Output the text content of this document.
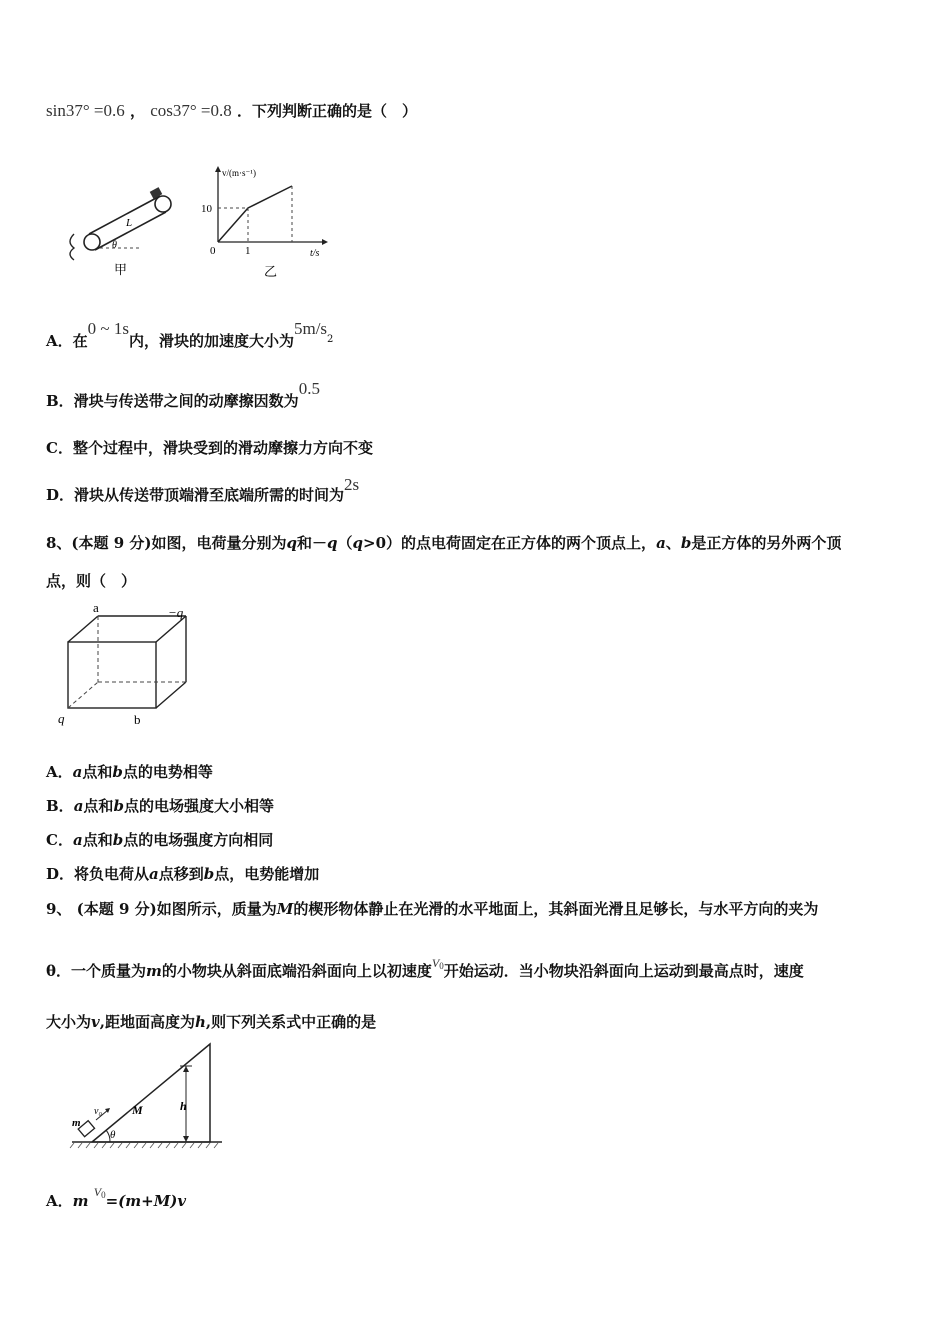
sin37° =0.6 ， cos37° =0.8 ．下列判断正确的是（　）
L
θ
甲
v/(m·s⁻¹)
10
0	1	t/s
乙
A．在0 ~ 1s内，滑块的加速度大小为$5m/s^2$
B．滑块与传送带之间的动摩擦因数为0.5
C．整个过程中，滑块受到的滑动摩擦力方向不变
D．滑块从传送带顶端滑至底端所需的时间为2s
8、(本题 9 分)如图，电荷量分别为q和－q（q>0）的点电荷固定在正方体的两个顶点上，a、b是正方体的另外两个顶
点，则（　）
a	−q
q	b
A．a点和b点的电势相等
B．a点和b点的电场强度大小相等
C．a点和b点的电场强度方向相同
D．将负电荷从a点移到b点，电势能增加
9、 (本题 9 分)如图所示，质量为M的楔形物体静止在光滑的水平地面上，其斜面光滑且足够长，与水平方向的夹为
θ．一个质量为m的小物块从斜面底端沿斜面向上以初速度$^{V0}$开始运动．当小物块沿斜面向上运动到最高点时，速度
大小为v,距地面高度为h,则下列关系式中正确的是
m
v₀	M	h
θ
A．m $^{V0}$=(m+M)v
